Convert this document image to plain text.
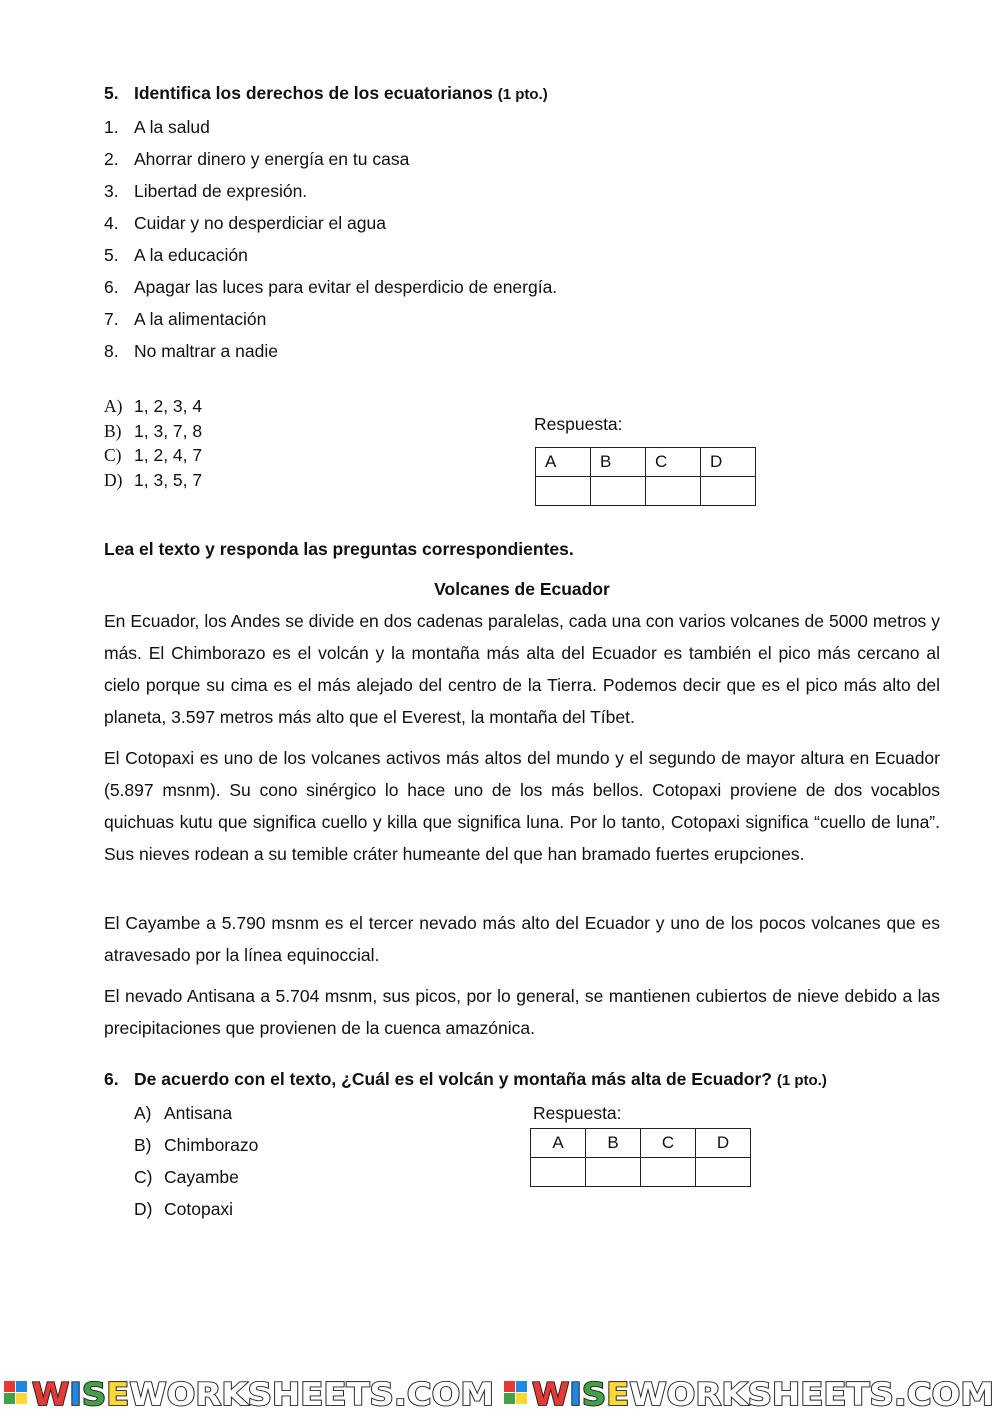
5. Identifica los derechos de los ecuatorianos (1 pto.)
1. A la salud
2. Ahorrar dinero y energía en tu casa
3. Libertad de expresión.
4. Cuidar y no desperdiciar el agua
5. A la educación
6. Apagar las luces para evitar el desperdicio de energía.
7. A la alimentación
8. No maltrar a nadie
A) 1, 2, 3, 4
B) 1, 3, 7, 8
C) 1, 2, 4, 7
D) 1, 3, 5, 7
Respuesta:
A	B	C	D

Lea el texto y responda las preguntas correspondientes.
Volcanes de Ecuador
En Ecuador, los Andes se divide en dos cadenas paralelas, cada una con varios volcanes de 5000 metros y más. El Chimborazo es el volcán y la montaña más alta del Ecuador es también el pico más cercano al cielo porque su cima es el más alejado del centro de la Tierra. Podemos decir que es el pico más alto del planeta, 3.597 metros más alto que el Everest, la montaña del Tíbet.
El Cotopaxi es uno de los volcanes activos más altos del mundo y el segundo de mayor altura en Ecuador (5.897 msnm). Su cono sinérgico lo hace uno de los más bellos. Cotopaxi proviene de dos vocablos quichuas kutu que significa cuello y killa que significa luna. Por lo tanto, Cotopaxi significa “cuello de luna”. Sus nieves rodean a su temible cráter humeante del que han bramado fuertes erupciones.
El Cayambe a 5.790 msnm es el tercer nevado más alto del Ecuador y uno de los pocos volcanes que es atravesado por la línea equinoccial.
El nevado Antisana a 5.704 msnm, sus picos, por lo general, se mantienen cubiertos de nieve debido a las precipitaciones que provienen de la cuenca amazónica.
6. De acuerdo con el texto, ¿Cuál es el volcán y montaña más alta de Ecuador? (1 pto.)
A) Antisana
B) Chimborazo
C) Cayambe
D) Cotopaxi
Respuesta:
A	B	C	D

WISEWORKSHEETS.COM WISEWORKSHEETS.COM
